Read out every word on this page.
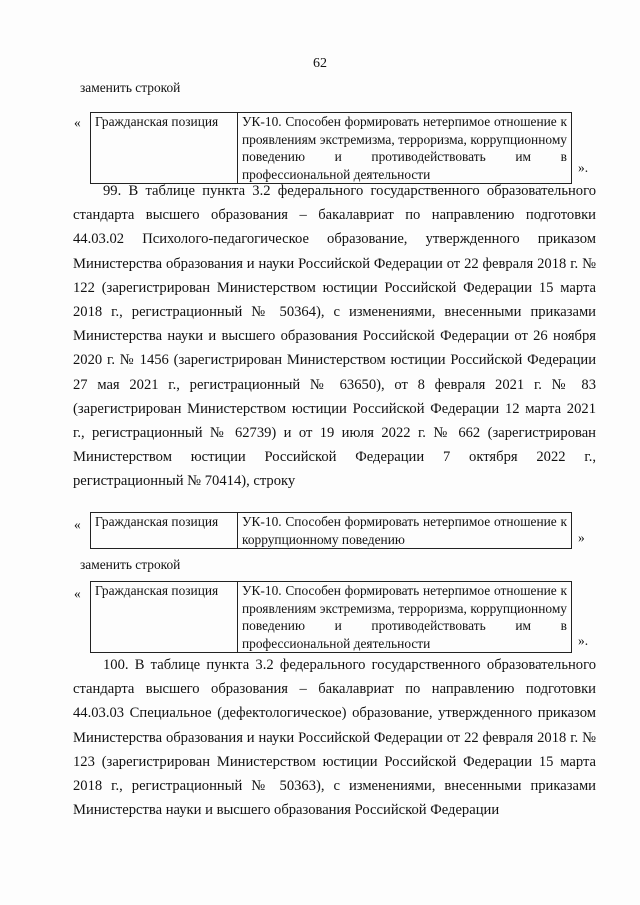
62
заменить строкой
« Гражданская позиция	УК-10. Способен формировать нетерпимое отношение к проявлениям экстремизма, терроризма, коррупционному поведению и противодействовать им в профессиональной деятельности	».

99. В таблице пункта 3.2 федерального государственного образовательного стандарта высшего образования – бакалавриат по направлению подготовки 44.03.02 Психолого-педагогическое образование, утвержденного приказом Министерства образования и науки Российской Федерации от 22 февраля 2018 г. № 122 (зарегистрирован Министерством юстиции Российской Федерации 15 марта 2018 г., регистрационный № 50364), с изменениями, внесенными приказами Министерства науки и высшего образования Российской Федерации от 26 ноября 2020 г. № 1456 (зарегистрирован Министерством юстиции Российской Федерации 27 мая 2021 г., регистрационный № 63650), от 8 февраля 2021 г. № 83 (зарегистрирован Министерством юстиции Российской Федерации 12 марта 2021 г., регистрационный № 62739) и от 19 июля 2022 г. № 662 (зарегистрирован Министерством юстиции Российской Федерации 7 октября 2022 г., регистрационный № 70414), строку

« Гражданская позиция	УК-10. Способен формировать нетерпимое отношение к коррупционному поведению	»
заменить строкой
« Гражданская позиция	УК-10. Способен формировать нетерпимое отношение к проявлениям экстремизма, терроризма, коррупционному поведению и противодействовать им в профессиональной деятельности	».

100. В таблице пункта 3.2 федерального государственного образовательного стандарта высшего образования – бакалавриат по направлению подготовки 44.03.03 Специальное (дефектологическое) образование, утвержденного приказом Министерства образования и науки Российской Федерации от 22 февраля 2018 г. № 123 (зарегистрирован Министерством юстиции Российской Федерации 15 марта 2018 г., регистрационный № 50363), с изменениями, внесенными приказами Министерства науки и высшего образования Российской Федерации
